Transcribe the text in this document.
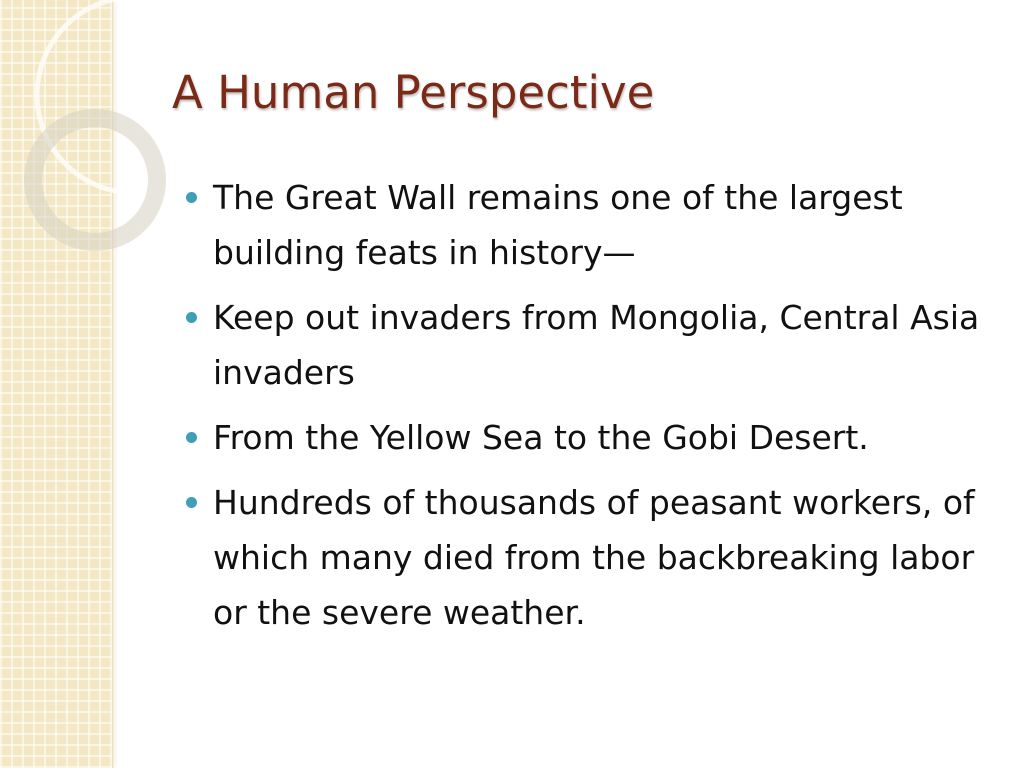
A Human Perspective
The Great Wall remains one of the largest building feats in history—
Keep out invaders from Mongolia, Central Asia invaders
From the Yellow Sea to the Gobi Desert.
Hundreds of thousands of peasant workers, of which many died from the backbreaking labor or the severe weather.
